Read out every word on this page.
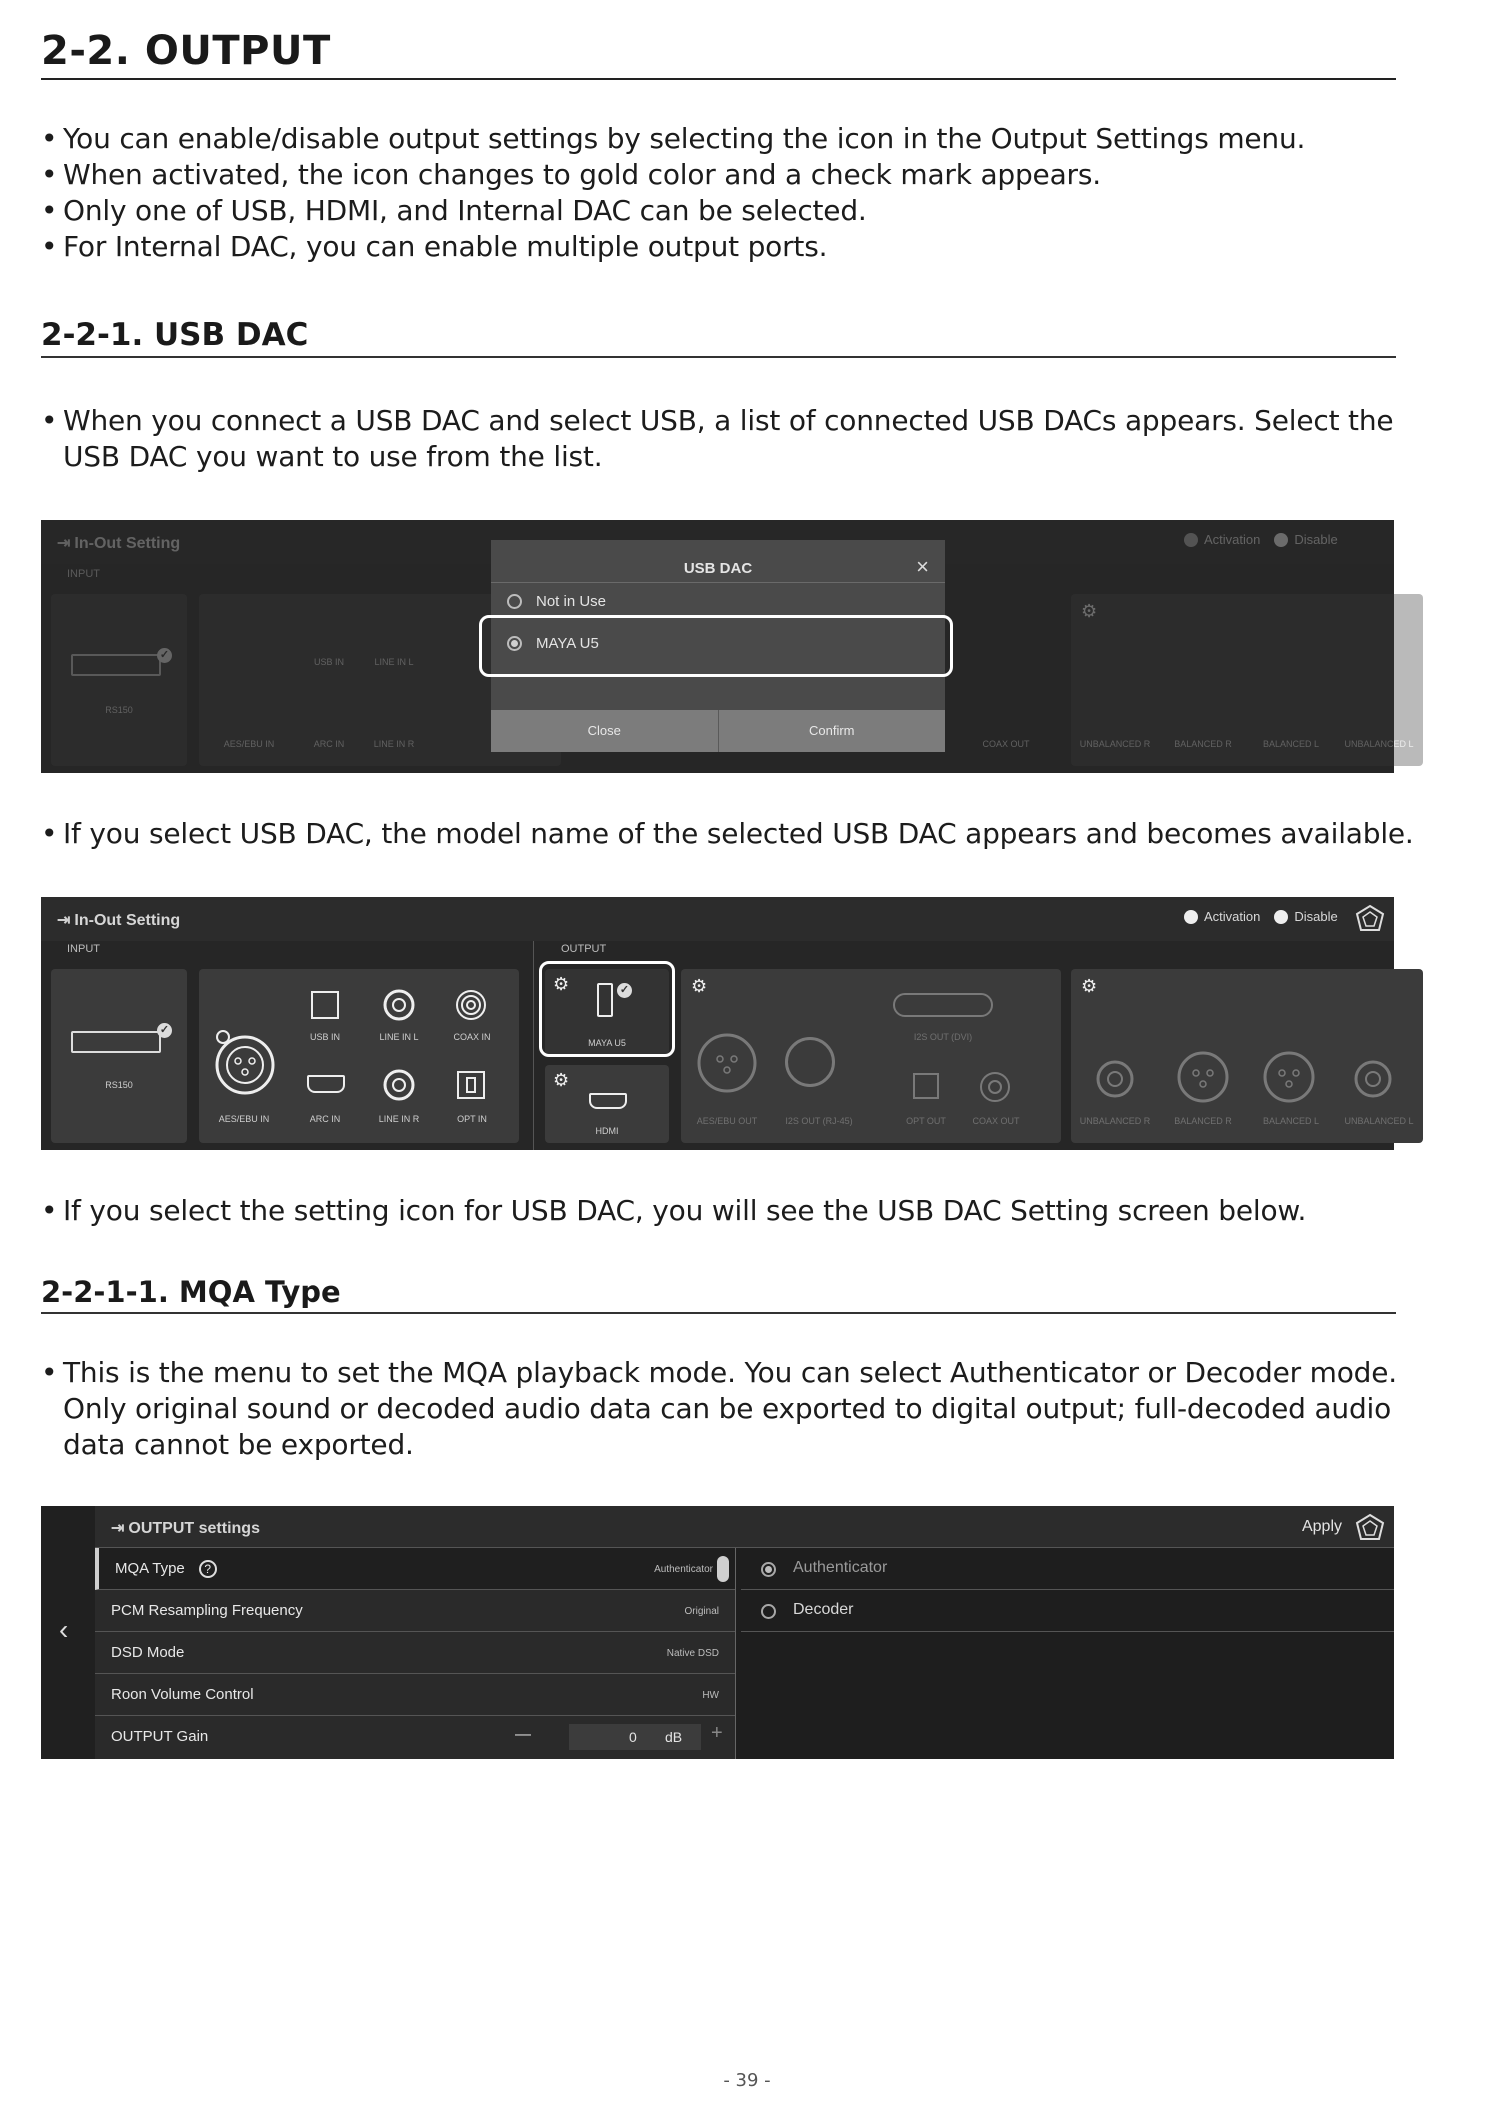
2-2. OUTPUT
• You can enable/disable output settings by selecting the icon in the Output Settings menu.
• When activated, the icon changes to gold color and a check mark appears.
• Only one of USB, HDMI, and Internal DAC can be selected.
• For Internal DAC, you can enable multiple output ports.
2-2-1. USB DAC
• When you connect a USB DAC and select USB, a list of connected USB DACs appears. Select the USB DAC you want to use from the list.
⇥ In-Out Setting
INPUT
✓
RS150
AES/EBU IN
USB IN	LINE IN L
ARC IN	LINE IN R
⚙
UNBALANCED R	BALANCED R	BALANCED L	UNBALANCED L
COAX OUT
Activation	Disable
USB DAC	×
Not in Use
MAYA U5
Close	Confirm
• If you select USB DAC, the model name of the selected USB DAC appears and becomes available.
⇥ In-Out Setting
INPUT	OUTPUT
Activation	Disable
✓
RS150
AES/EBU IN
USB IN	LINE IN L	COAX IN
ARC IN	LINE IN R	OPT IN
⚙	✓
MAYA U5
⚙
HDMI
⚙
I2S OUT (DVI)
AES/EBU OUT	I2S OUT (RJ-45)	OPT OUT	COAX OUT
⚙
UNBALANCED R	BALANCED R	BALANCED L	UNBALANCED L
• If you select the setting icon for USB DAC, you will see the USB DAC Setting screen below.
2-2-1-1. MQA Type
• This is the menu to set the MQA playback mode. You can select Authenticator or Decoder mode. Only original sound or decoded audio data can be exported to digital output; full-decoded audio data cannot be exported.
‹
⇥ OUTPUT settings	Apply
MQA Type ?	Authenticator
PCM Resampling Frequency	Original
DSD Mode	Native DSD
Roon Volume Control	HW
OUTPUT Gain	—	0 dB +
Authenticator
Decoder
- 39 -
